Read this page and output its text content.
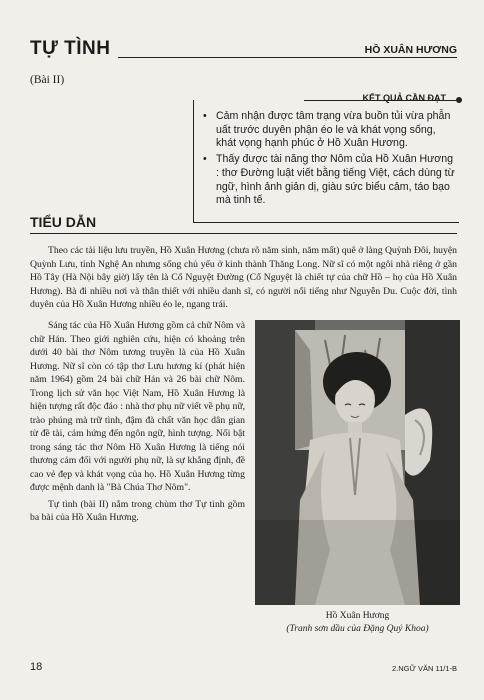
TỰ TÌNH	HỒ XUÂN HƯƠNG
(Bài II)
KẾT QUẢ CẦN ĐẠT
• Cảm nhận được tâm trạng vừa buồn tủi vừa phẫn uất trước duyên phận éo le và khát vọng sống, khát vọng hạnh phúc ở Hồ Xuân Hương.
• Thấy được tài năng thơ Nôm của Hồ Xuân Hương : thơ Đường luật viết bằng tiếng Việt, cách dùng từ ngữ, hình ảnh giản dị, giàu sức biểu cảm, táo bạo mà tinh tế.
TIỂU DẪN
Theo các tài liệu lưu truyền, Hồ Xuân Hương (chưa rõ năm sinh, năm mất) quê ở làng Quỳnh Đôi, huyện Quỳnh Lưu, tỉnh Nghệ An nhưng sống chủ yếu ở kinh thành Thăng Long. Nữ sĩ có một ngôi nhà riêng ở gần Hồ Tây (Hà Nội bây giờ) lấy tên là Cổ Nguyệt Đường (Cổ Nguyệt là chiết tự của chữ Hồ – họ của Hồ Xuân Hương). Bà đi nhiều nơi và thân thiết với nhiều danh sĩ, có người nổi tiếng như Nguyễn Du. Cuộc đời, tình duyên của Hồ Xuân Hương nhiều éo le, ngang trái.

Sáng tác của Hồ Xuân Hương gồm cả chữ Nôm và chữ Hán. Theo giới nghiên cứu, hiện có khoảng trên dưới 40 bài thơ Nôm tương truyền là của Hồ Xuân Hương. Nữ sĩ còn có tập thơ Lưu hương kí (phát hiện năm 1964) gồm 24 bài chữ Hán và 26 bài chữ Nôm. Trong lịch sử văn học Việt Nam, Hồ Xuân Hương là hiện tượng rất độc đáo : nhà thơ phụ nữ viết về phụ nữ, trào phúng mà trữ tình, đậm đà chất văn học dân gian từ đề tài, cảm hứng đến ngôn ngữ, hình tượng. Nổi bật trong sáng tác thơ Nôm Hồ Xuân Hương là tiếng nói thương cảm đối với người phụ nữ, là sự khẳng định, đề cao vẻ đẹp và khát vọng của họ. Hồ Xuân Hương từng được mệnh danh là "Bà Chúa Thơ Nôm".

Tự tình (bài II) nằm trong chùm thơ Tự tình gồm ba bài của Hồ Xuân Hương.

Hồ Xuân Hương
(Tranh sơn dầu của Đặng Quý Khoa)
18	2.NGỮ VĂN 11/1-B
